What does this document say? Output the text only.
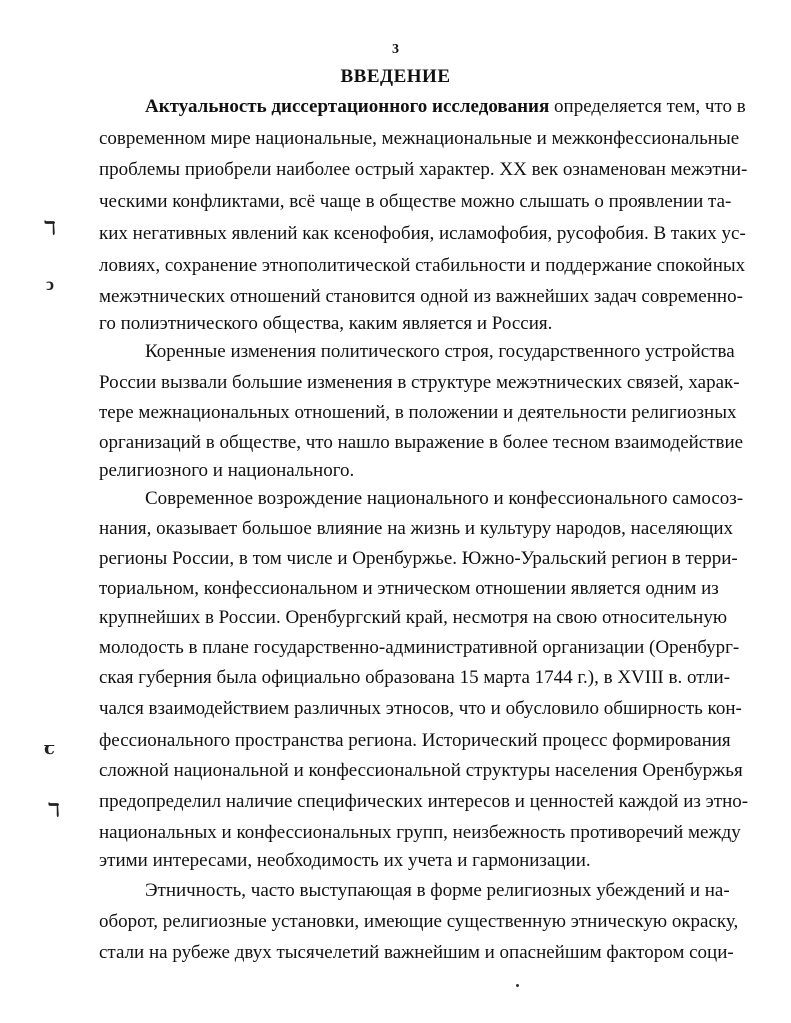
3
ВВЕДЕНИЕ
Актуальность диссертационного исследования определяется тем, что в
современном мире национальные, межнациональные и межконфессиональные
проблемы приобрели наиболее острый характер. XX век ознаменован межэтни-
ческими конфликтами, всё чаще в обществе можно слышать о проявлении та-
ких негативных явлений как ксенофобия, исламофобия, русофобия. В таких ус-
ловиях, сохранение этнополитической стабильности и поддержание спокойных
межэтнических отношений становится одной из важнейших задач современно-
го полиэтнического общества, каким является и Россия.
Коренные изменения политического строя, государственного устройства
России вызвали большие изменения в структуре межэтнических связей, харак-
тере межнациональных отношений, в положении и деятельности религиозных
организаций в обществе, что нашло выражение в более тесном взаимодействие
религиозного и национального.
Современное возрождение национального и конфессионального самосоз-
нания, оказывает большое влияние на жизнь и культуру народов, населяющих
регионы России, в том числе и Оренбуржье. Южно-Уральский регион в терри-
ториальном, конфессиональном и этническом отношении является одним из
крупнейших в России. Оренбургский край, несмотря на свою относительную
молодость в плане государственно-административной организации (Оренбург-
ская губерния была официально образована 15 марта 1744 г.), в XVIII в. отли-
чался взаимодействием различных этносов, что и обусловило обширность кон-
фессионального пространства региона. Исторический процесс формирования
сложной национальной и конфессиональной структуры населения Оренбуржья
предопределил наличие специфических интересов и ценностей каждой из этно-
национальных и конфессиональных групп, неизбежность противоречий между
этими интересами, необходимость их учета и гармонизации.
Этничность, часто выступающая в форме религиозных убеждений и на-
оборот, религиозные установки, имеющие существенную этническую окраску,
стали на рубеже двух тысячелетий важнейшим и опаснейшим фактором соци-
ℸ
ↄ
ꞇ
ℸ
